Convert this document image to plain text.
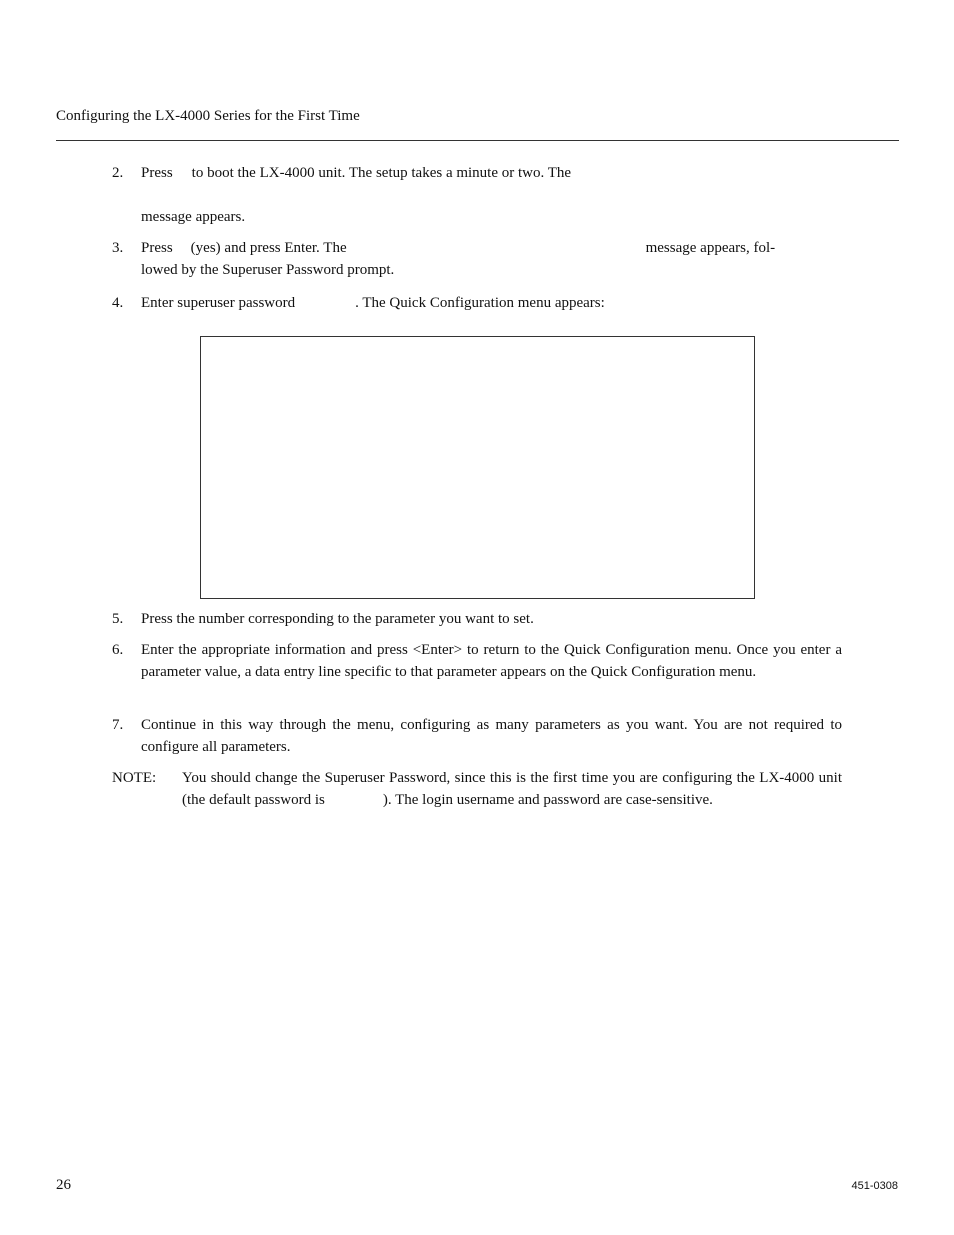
Configuring the LX-4000 Series for the First Time
2. Press to boot the LX-4000 unit. The setup takes a minute or two. The
message appears.
3. Press (yes) and press Enter. The	message appears, fol-
lowed by the Superuser Password prompt.
4. Enter superuser password	. The Quick Configuration menu appears:
5. Press the number corresponding to the parameter you want to set.
6. Enter the appropriate information and press <Enter> to return to the Quick Configuration menu. Once you enter a parameter value, a data entry line specific to that parameter appears on the Quick Configuration menu.
7. Continue in this way through the menu, configuring as many parameters as you want. You are not required to configure all parameters.
NOTE: You should change the Superuser Password, since this is the first time you are configuring the LX-4000 unit (the default password is	). The login username and password are case-sensitive.
26	451-0308
